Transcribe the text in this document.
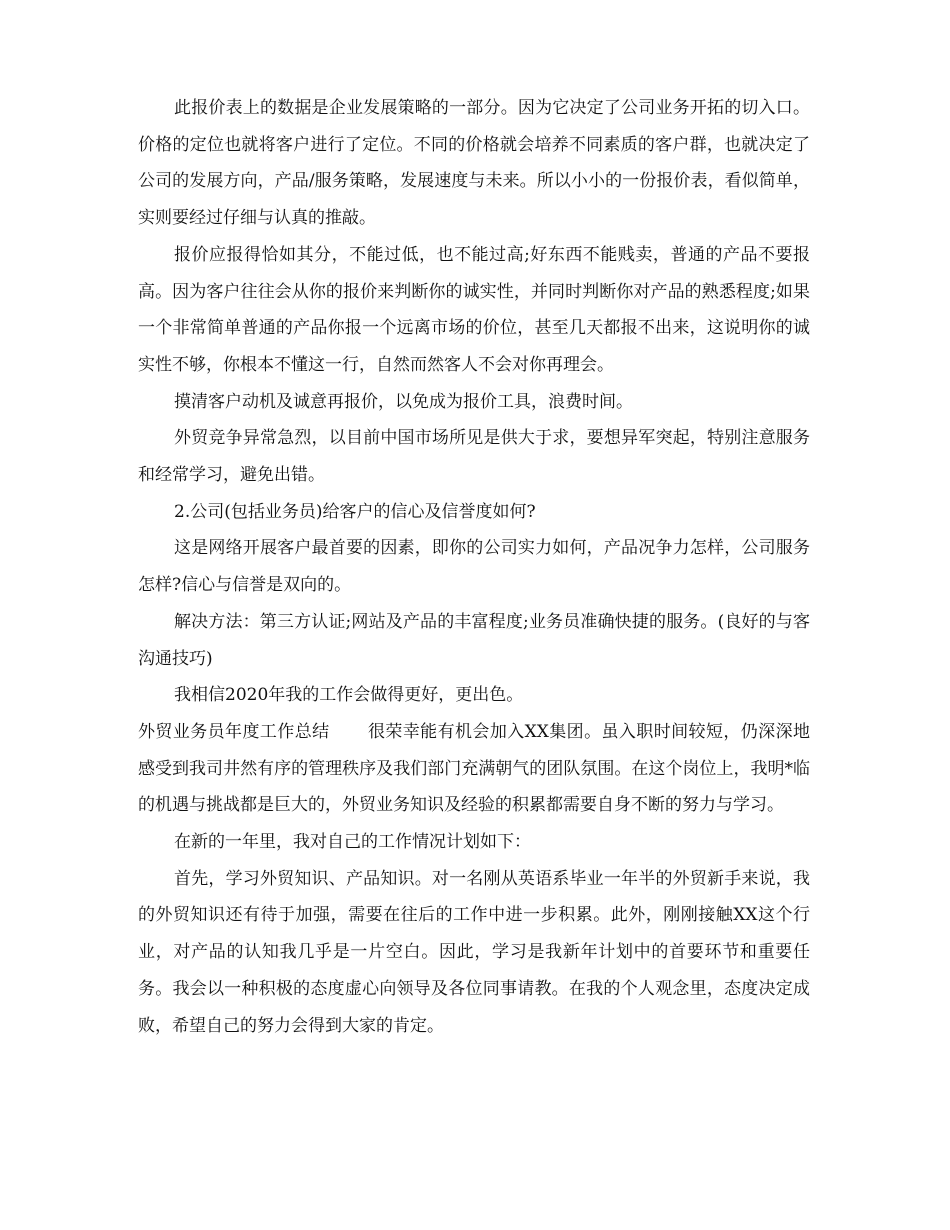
此报价表上的数据是企业发展策略的一部分。因为它决定了公司业务开拓的切入口。价格的定位也就将客户进行了定位。不同的价格就会培养不同素质的客户群，也就决定了公司的发展方向，产品/服务策略，发展速度与未来。所以小小的一份报价表，看似简单，实则要经过仔细与认真的推敲。

报价应报得恰如其分，不能过低，也不能过高;好东西不能贱卖，普通的产品不要报高。因为客户往往会从你的报价来判断你的诚实性，并同时判断你对产品的熟悉程度;如果一个非常简单普通的产品你报一个远离市场的价位，甚至几天都报不出来，这说明你的诚实性不够，你根本不懂这一行，自然而然客人不会对你再理会。

摸清客户动机及诚意再报价，以免成为报价工具，浪费时间。

外贸竞争异常急烈，以目前中国市场所见是供大于求，要想异军突起，特别注意服务和经常学习，避免出错。

2.公司(包括业务员)给客户的信心及信誉度如何?

这是网络开展客户最首要的因素，即你的公司实力如何，产品况争力怎样，公司服务怎样?信心与信誉是双向的。

解决方法：第三方认证;网站及产品的丰富程度;业务员准确快捷的服务。(良好的与客沟通技巧)

我相信2020年我的工作会做得更好，更出色。

外贸业务员年度工作总结 很荣幸能有机会加入XX集团。虽入职时间较短，仍深深地感受到我司井然有序的管理秩序及我们部门充满朝气的团队氛围。在这个岗位上，我明*临的机遇与挑战都是巨大的，外贸业务知识及经验的积累都需要自身不断的努力与学习。

在新的一年里，我对自己的工作情况计划如下：

首先，学习外贸知识、产品知识。对一名刚从英语系毕业一年半的外贸新手来说，我的外贸知识还有待于加强，需要在往后的工作中进一步积累。此外，刚刚接触XX这个行业，对产品的认知我几乎是一片空白。因此，学习是我新年计划中的首要环节和重要任务。我会以一种积极的态度虚心向领导及各位同事请教。在我的个人观念里，态度决定成败，希望自己的努力会得到大家的肯定。
